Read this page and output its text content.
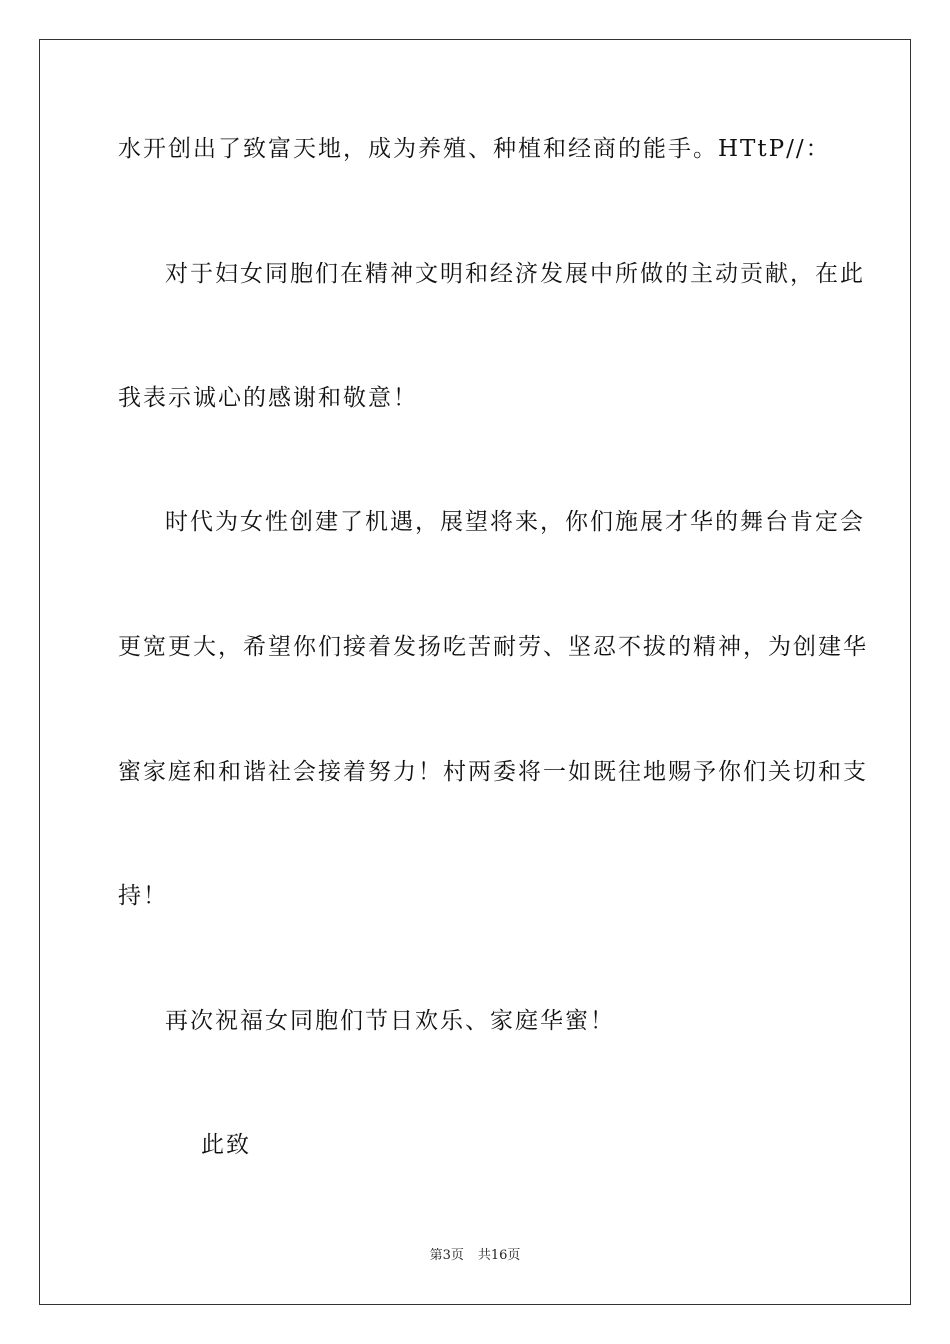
水开创出了致富天地，成为养殖、种植和经商的能手。HTtP//：
对于妇女同胞们在精神文明和经济发展中所做的主动贡献，在此
我表示诚心的感谢和敬意！
时代为女性创建了机遇，展望将来，你们施展才华的舞台肯定会
更宽更大，希望你们接着发扬吃苦耐劳、坚忍不拔的精神，为创建华
蜜家庭和和谐社会接着努力！村两委将一如既往地赐予你们关切和支
持！
再次祝福女同胞们节日欢乐、家庭华蜜！
此致
第3页 共16页
